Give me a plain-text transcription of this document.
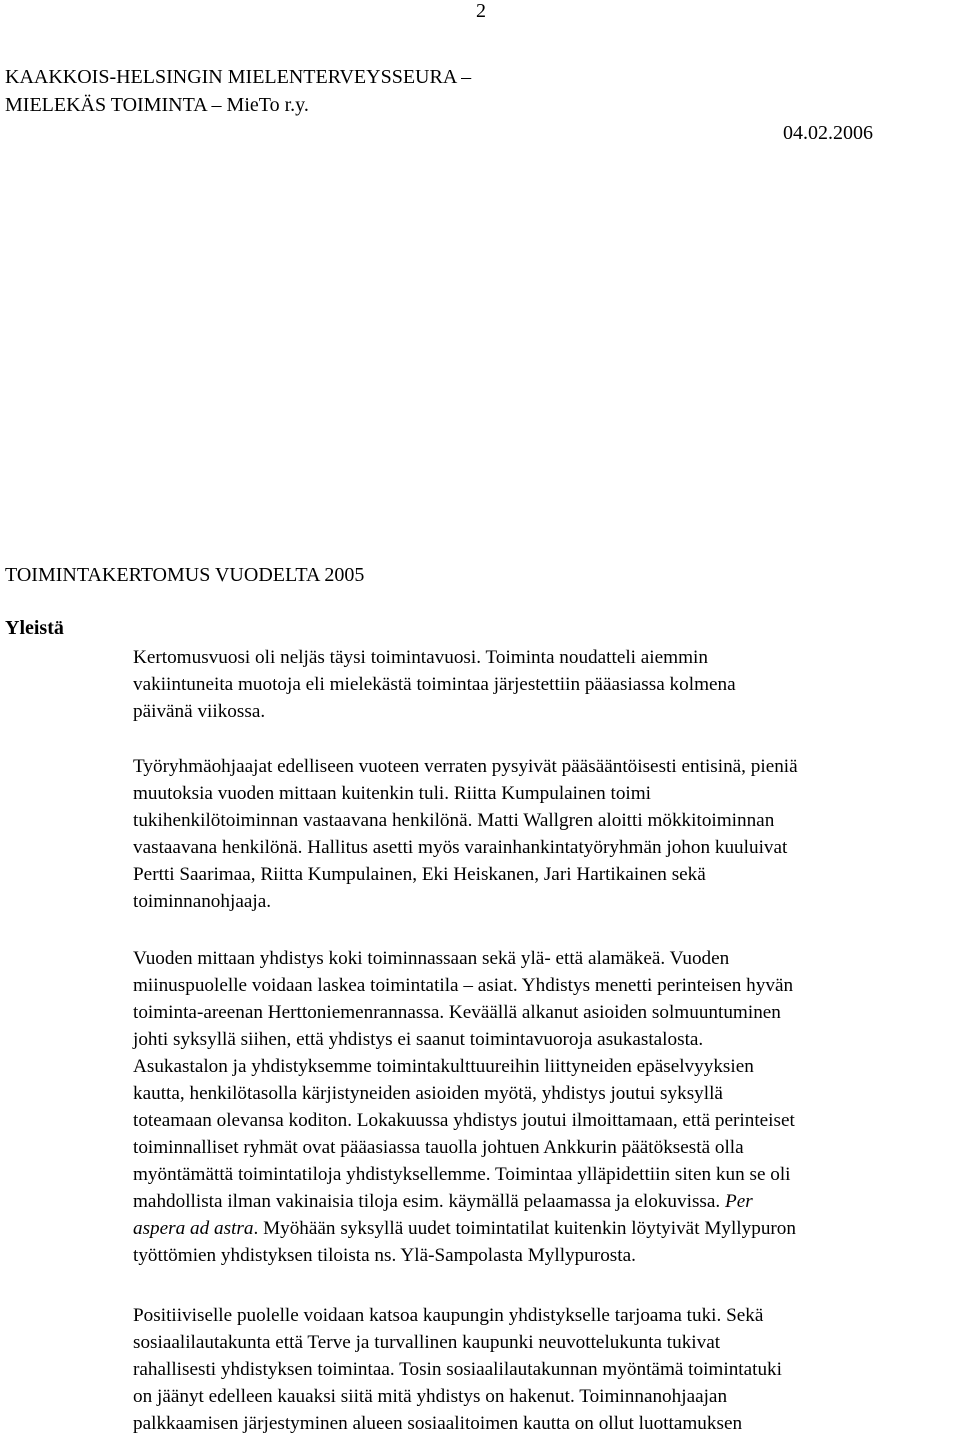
2
KAAKKOIS-HELSINGIN MIELENTERVEYSSEURA –
MIELEKÄS TOIMINTA – MieTo r.y.
04.02.2006
TOIMINTAKERTOMUS VUODELTA 2005
Yleistä
Kertomusvuosi oli neljäs täysi toimintavuosi. Toiminta noudatteli aiemmin
vakiintuneita muotoja eli mielekästä toimintaa järjestettiin pääasiassa kolmena
päivänä viikossa.
Työryhmäohjaajat edelliseen vuoteen verraten pysyivät pääsääntöisesti entisinä, pieniä
muutoksia vuoden mittaan kuitenkin tuli. Riitta Kumpulainen toimi
tukihenkilötoiminnan vastaavana henkilönä. Matti Wallgren aloitti mökkitoiminnan
vastaavana henkilönä. Hallitus asetti myös varainhankintatyöryhmän johon kuuluivat
Pertti Saarimaa, Riitta Kumpulainen, Eki Heiskanen, Jari Hartikainen sekä
toiminnanohjaaja.
Vuoden mittaan yhdistys koki toiminnassaan sekä ylä- että alamäkeä. Vuoden
miinuspuolelle voidaan laskea toimintatila – asiat. Yhdistys menetti perinteisen hyvän
toiminta-areenan Herttoniemenrannassa. Keväällä alkanut asioiden solmuuntuminen
johti syksyllä siihen, että yhdistys ei saanut toimintavuoroja asukastalosta.
Asukastalon ja yhdistyksemme toimintakulttuureihin liittyneiden epäselvyyksien
kautta, henkilötasolla kärjistyneiden asioiden myötä, yhdistys joutui syksyllä
toteamaan olevansa koditon. Lokakuussa yhdistys joutui ilmoittamaan, että perinteiset
toiminnalliset ryhmät ovat pääasiassa tauolla johtuen Ankkurin päätöksestä olla
myöntämättä toimintatiloja yhdistyksellemme. Toimintaa ylläpidettiin siten kun se oli
mahdollista ilman vakinaisia tiloja esim. käymällä pelaamassa ja elokuvissa. Per
aspera ad astra. Myöhään syksyllä uudet toimintatilat kuitenkin löytyivät Myllypuron
työttömien yhdistyksen tiloista ns. Ylä-Sampolasta Myllypurosta.
Positiiviselle puolelle voidaan katsoa kaupungin yhdistykselle tarjoama tuki. Sekä
sosiaalilautakunta että Terve ja turvallinen kaupunki neuvottelukunta tukivat
rahallisesti yhdistyksen toimintaa. Tosin sosiaalilautakunnan myöntämä toimintatuki
on jäänyt edelleen kauaksi siitä mitä yhdistys on hakenut. Toiminnanohjaajan
palkkaamisen järjestyminen alueen sosiaalitoimen kautta on ollut luottamuksen
